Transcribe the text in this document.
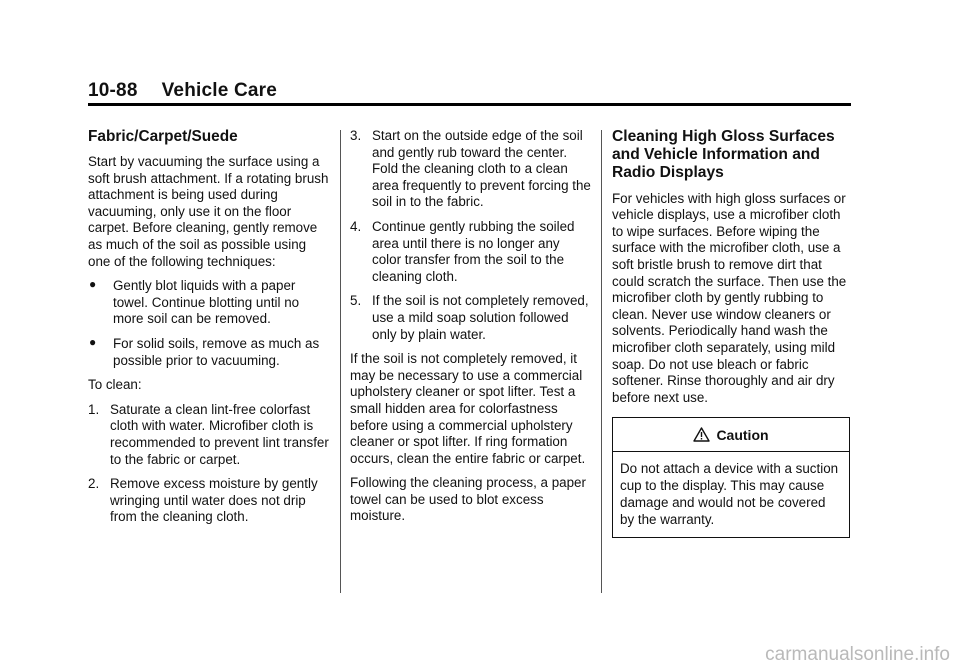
10-88 Vehicle Care
Fabric/Carpet/Suede

Start by vacuuming the surface using a soft brush attachment. If a rotating brush attachment is being used during vacuuming, only use it on the floor carpet. Before cleaning, gently remove as much of the soil as possible using one of the following techniques:

● Gently blot liquids with a paper towel. Continue blotting until no more soil can be removed.
● For solid soils, remove as much as possible prior to vacuuming.

To clean:

1. Saturate a clean lint-free colorfast cloth with water. Microfiber cloth is recommended to prevent lint transfer to the fabric or carpet.
2. Remove excess moisture by gently wringing until water does not drip from the cleaning cloth.
3. Start on the outside edge of the soil and gently rub toward the center. Fold the cleaning cloth to a clean area frequently to prevent forcing the soil in to the fabric.
4. Continue gently rubbing the soiled area until there is no longer any color transfer from the soil to the cleaning cloth.
5. If the soil is not completely removed, use a mild soap solution followed only by plain water.

If the soil is not completely removed, it may be necessary to use a commercial upholstery cleaner or spot lifter. Test a small hidden area for colorfastness before using a commercial upholstery cleaner or spot lifter. If ring formation occurs, clean the entire fabric or carpet.

Following the cleaning process, a paper towel can be used to blot excess moisture.

Cleaning High Gloss Surfaces and Vehicle Information and Radio Displays

For vehicles with high gloss surfaces or vehicle displays, use a microfiber cloth to wipe surfaces. Before wiping the surface with the microfiber cloth, use a soft bristle brush to remove dirt that could scratch the surface. Then use the microfiber cloth by gently rubbing to clean. Never use window cleaners or solvents. Periodically hand wash the microfiber cloth separately, using mild soap. Do not use bleach or fabric softener. Rinse thoroughly and air dry before next use.

Caution
Do not attach a device with a suction cup to the display. This may cause damage and would not be covered by the warranty.
carmanualsonline.info
